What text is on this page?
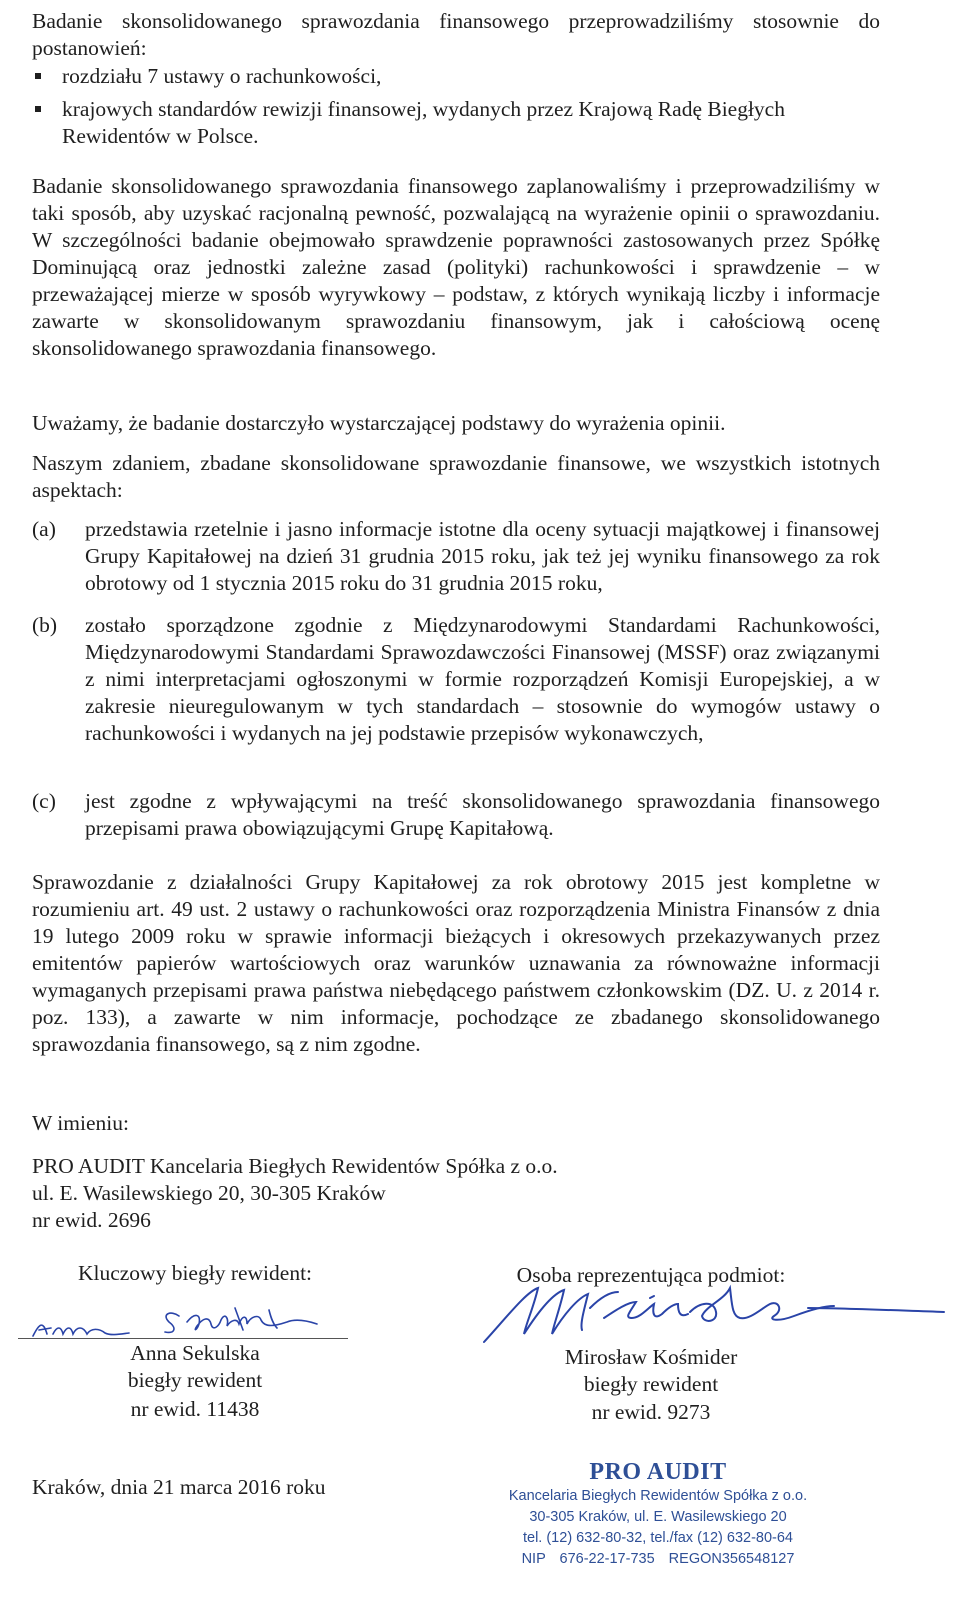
Badanie skonsolidowanego sprawozdania finansowego przeprowadziliśmy stosownie do postanowień:

rozdziału 7 ustawy o rachunkowości,
krajowych standardów rewizji finansowej, wydanych przez Krajową Radę Biegłych Rewidentów w Polsce.

Badanie skonsolidowanego sprawozdania finansowego zaplanowaliśmy i przeprowadziliśmy w taki sposób, aby uzyskać racjonalną pewność, pozwalającą na wyrażenie opinii o sprawozdaniu. W szczególności badanie obejmowało sprawdzenie poprawności zastosowanych przez Spółkę Dominującą oraz jednostki zależne zasad (polityki) rachunkowości i sprawdzenie – w przeważającej mierze w sposób wyrywkowy – podstaw, z których wynikają liczby i informacje zawarte w skonsolidowanym sprawozdaniu finansowym, jak i całościową ocenę skonsolidowanego sprawozdania finansowego.

Uważamy, że badanie dostarczyło wystarczającej podstawy do wyrażenia opinii.

Naszym zdaniem, zbadane skonsolidowane sprawozdanie finansowe, we wszystkich istotnych aspektach:

(a) przedstawia rzetelnie i jasno informacje istotne dla oceny sytuacji majątkowej i finansowej Grupy Kapitałowej na dzień 31 grudnia 2015 roku, jak też jej wyniku finansowego za rok obrotowy od 1 stycznia 2015 roku do 31 grudnia 2015 roku,
(b) zostało sporządzone zgodnie z Międzynarodowymi Standardami Rachunkowości, Międzynarodowymi Standardami Sprawozdawczości Finansowej (MSSF) oraz związanymi z nimi interpretacjami ogłoszonymi w formie rozporządzeń Komisji Europejskiej, a w zakresie nieuregulowanym w tych standardach – stosownie do wymogów ustawy o rachunkowości i wydanych na jej podstawie przepisów wykonawczych,
(c) jest zgodne z wpływającymi na treść skonsolidowanego sprawozdania finansowego przepisami prawa obowiązującymi Grupę Kapitałową.

Sprawozdanie z działalności Grupy Kapitałowej za rok obrotowy 2015 jest kompletne w rozumieniu art. 49 ust. 2 ustawy o rachunkowości oraz rozporządzenia Ministra Finansów z dnia 19 lutego 2009 roku w sprawie informacji bieżących i okresowych przekazywanych przez emitentów papierów wartościowych oraz warunków uznawania za równoważne informacji wymaganych przepisami prawa państwa niebędącego państwem członkowskim (DZ. U. z 2014 r. poz. 133), a zawarte w nim informacje, pochodzące ze zbadanego skonsolidowanego sprawozdania finansowego, są z nim zgodne.

W imieniu:

PRO AUDIT Kancelaria Biegłych Rewidentów Spółka z o.o.

ul. E. Wasilewskiego 20, 30-305 Kraków

nr ewid. 2696

Kluczowy biegły rewident:
Anna Sekulska
biegły rewident
nr ewid. 11438
Osoba reprezentująca podmiot:
Mirosław Kośmider
biegły rewident
nr ewid. 9273

Kraków, dnia 21 marca 2016 roku

PRO AUDIT
Kancelaria Biegłych Rewidentów Spółka z o.o.
30-305 Kraków, ul. E. Wasilewskiego 20
tel. (12) 632-80-32, tel./fax (12) 632-80-64
NIP 676-22-17-735 REGON356548127
